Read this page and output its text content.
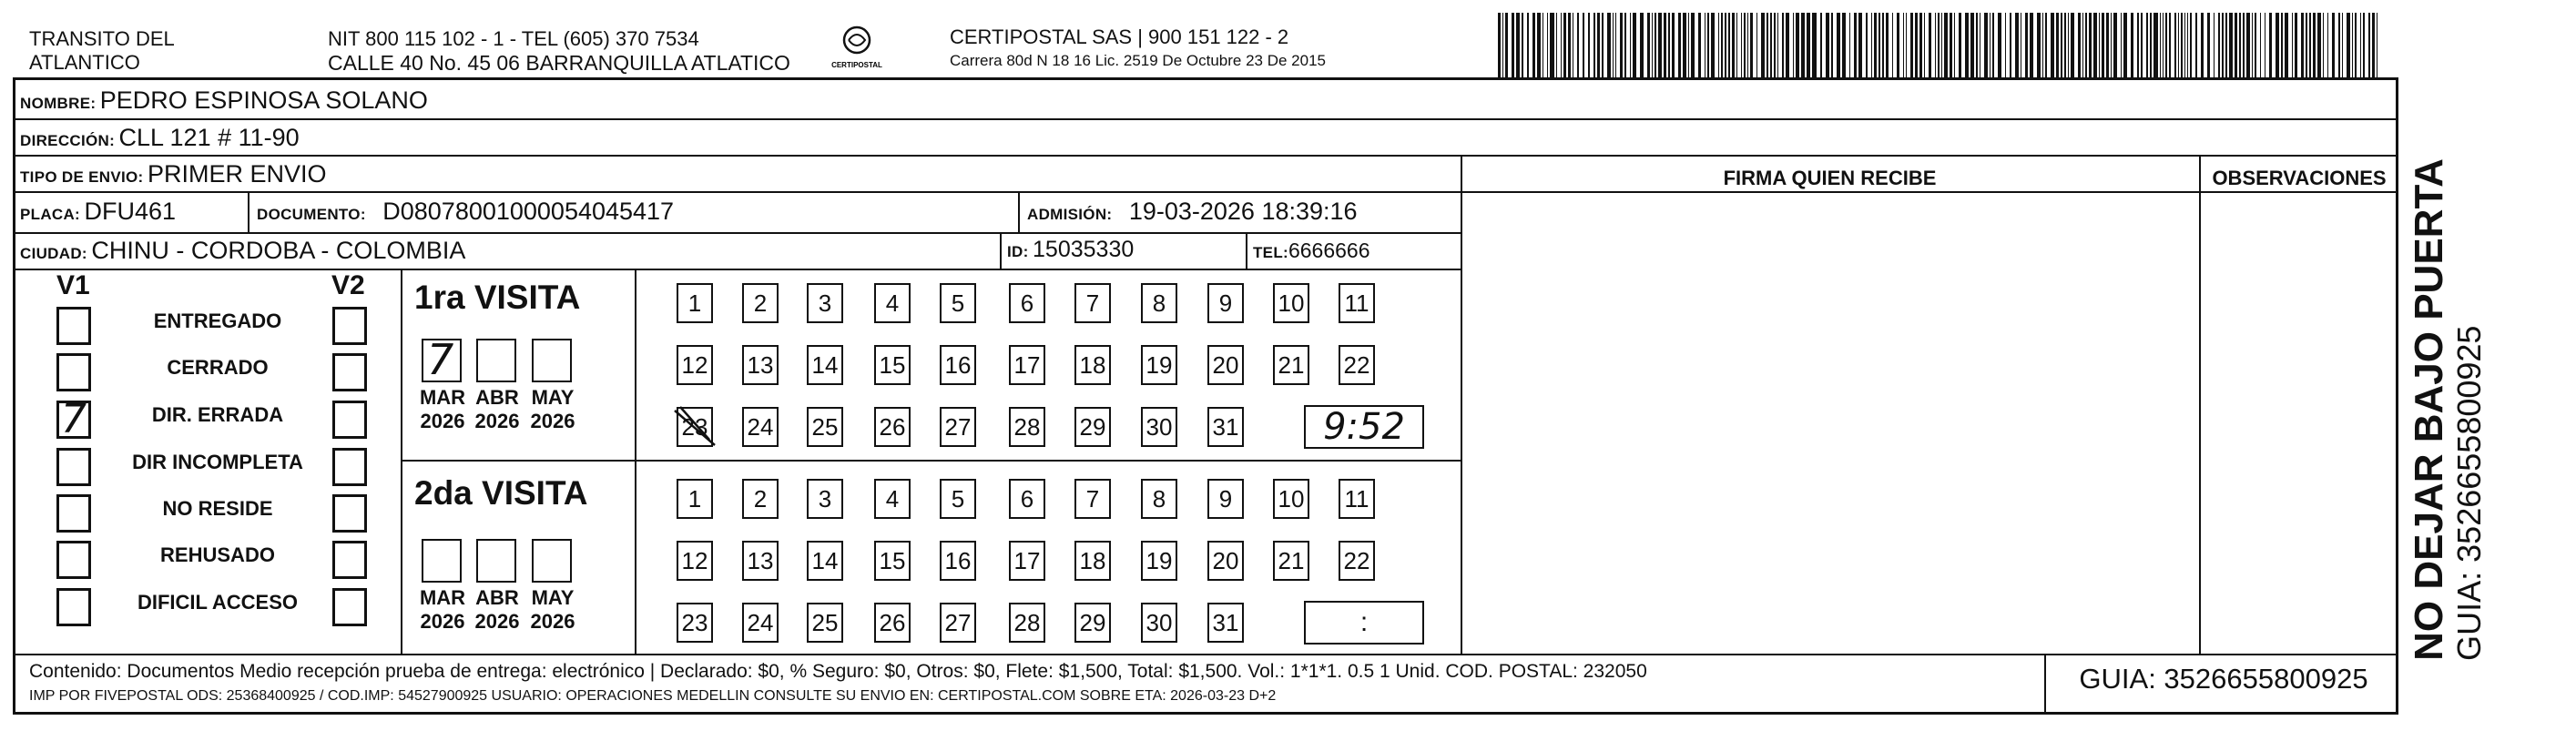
TRANSITO DEL
ATLANTICO
NIT 800 115 102 - 1 - TEL (605) 370 7534
CALLE 40 No. 45 06 BARRANQUILLA ATLATICO	CERTIPOSTAL
CERTIPOSTAL SAS | 900 151 122 - 2
Carrera 80d N 18 16 Lic. 2519 De Octubre 23 De 2015
NOMBRE: PEDRO ESPINOSA SOLANO
DIRECCIÓN: CLL 121 # 11-90
TIPO DE ENVIO: PRIMER ENVIO
PLACA: DFU461	DOCUMENTO: D08078001000054045417	ADMISIÓN: 19-03-2026 18:39:16
CIUDAD: CHINU - CORDOBA - COLOMBIA	ID: 15035330	TEL:6666666
FIRMA QUIEN RECIBE	OBSERVACIONES
V1	V2
ENTREGADO
CERRADO
7	DIR. ERRADA
DIR INCOMPLETA
NO RESIDE
REHUSADO
DIFICIL ACCESO
1ra VISITA
7
MAR
2026
ABR
2026
MAY
2026
1	2	3	4	5	6	7	8	9	10 11
12 13 14 15 16 17 18 19 20 21 22
23 24 25 26 27 28 29 30 31	9:52
2da VISITA
MAR
2026
ABR
2026
MAY
2026
1	2	3	4	5	6	7	8	9	10 11
12 13 14 15 16 17 18 19 20 21 22
23 24 25 26 27 28 29 30 31	:
Contenido: Documentos Medio recepción prueba de entrega: electrónico | Declarado: $0, % Seguro: $0, Otros: $0, Flete: $1,500, Total: $1,500. Vol.: 1*1*1. 0.5 1 Unid. COD. POSTAL: 232050
IMP POR FIVEPOSTAL ODS: 25368400925 / COD.IMP: 54527900925 USUARIO: OPERACIONES MEDELLIN CONSULTE SU ENVIO EN: CERTIPOSTAL.COM SOBRE ETA: 2026-03-23 D+2
GUIA: 3526655800925
NO DEJAR BAJO PUERTA GUIA: 3526655800925
